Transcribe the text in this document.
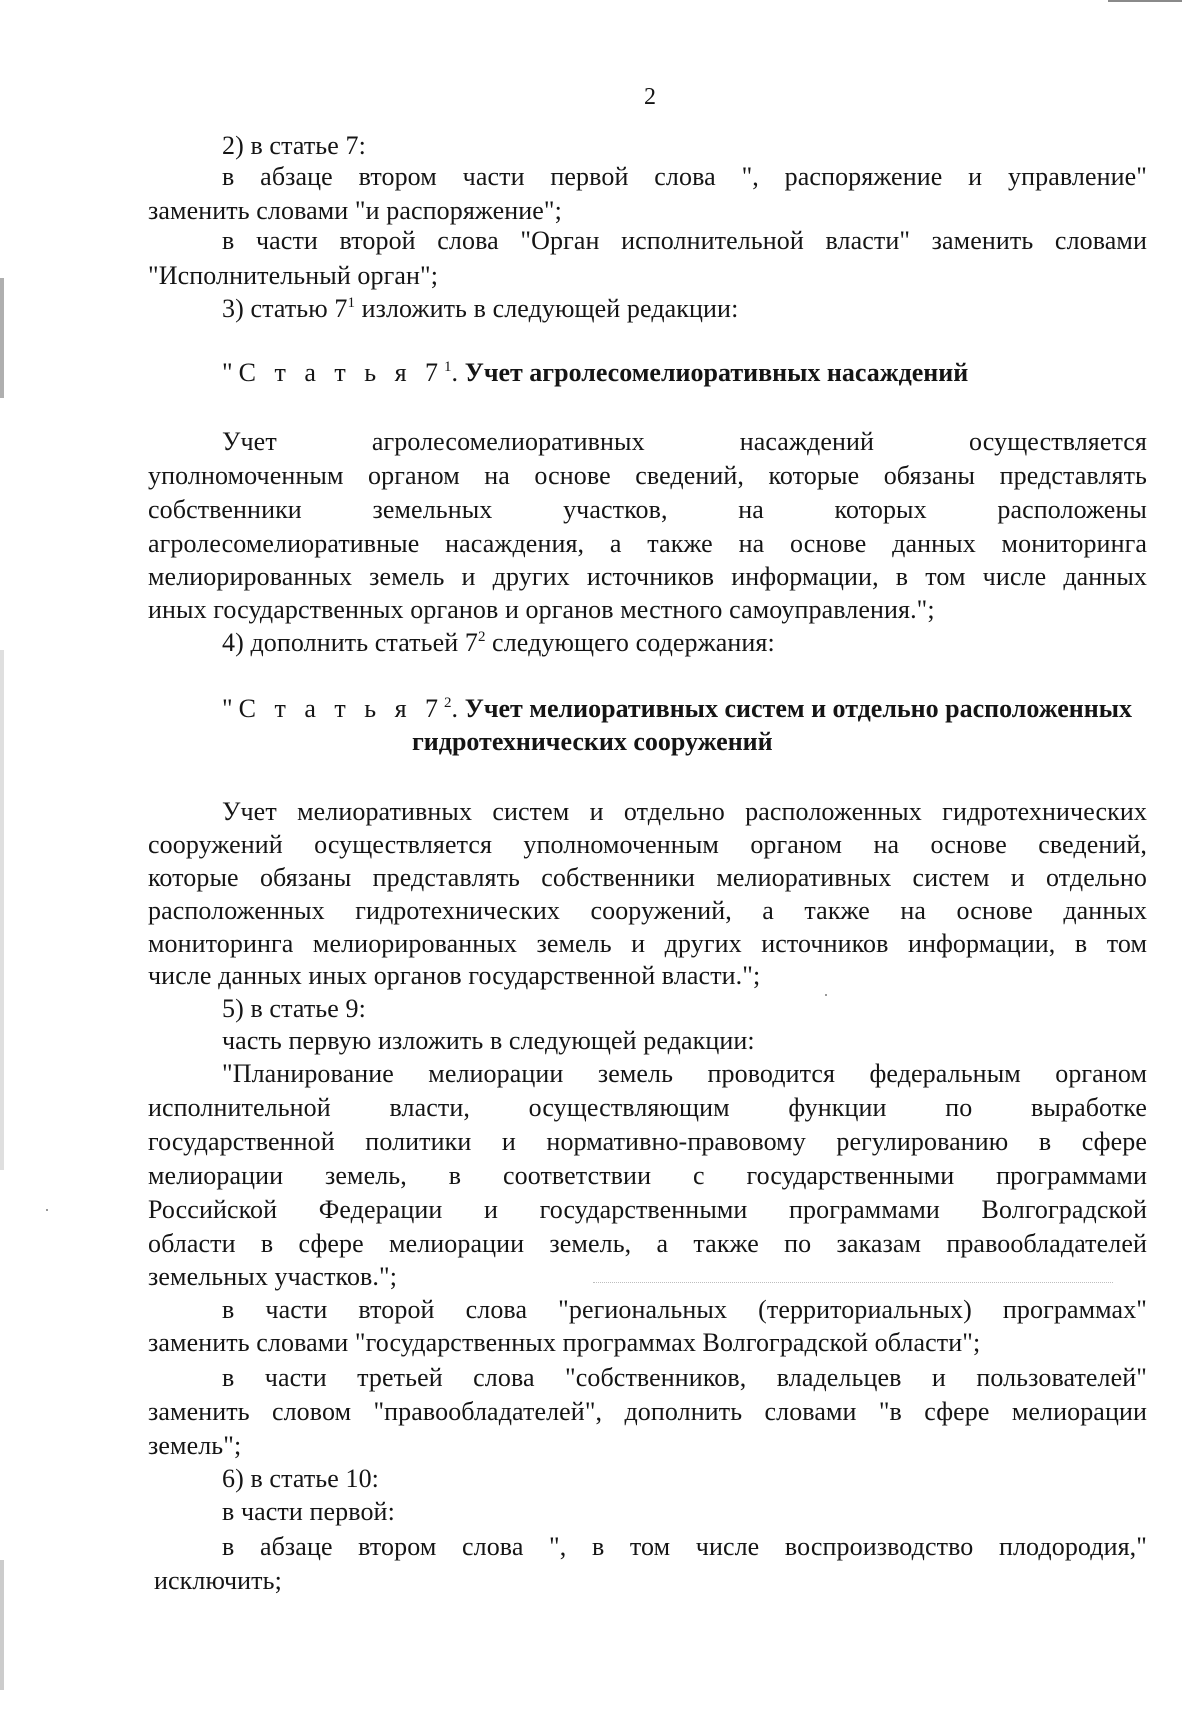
2
2) в статье 7:
в абзаце втором части первой слова ", распоряжение и управление"
заменить словами "и распоряжение";
в части второй слова "Орган исполнительной власти" заменить словами
"Исполнительный орган";
3) статью $7^1$ изложить в следующей редакции:
"С т а т ь я $7^1$. Учет агролесомелиоративных насаждений
Учет агролесомелиоративных насаждений осуществляется
уполномоченным органом на основе сведений, которые обязаны представлять
собственники земельных участков, на которых расположены
агролесомелиоративные насаждения, а также на основе данных мониторинга
мелиорированных земель и других источников информации, в том числе данных
иных государственных органов и органов местного самоуправления.";
4) дополнить статьей $7^2$ следующего содержания:
"С т а т ь я $7^2$. Учет мелиоративных систем и отдельно расположенных
гидротехнических сооружений
Учет мелиоративных систем и отдельно расположенных гидротехнических
сооружений осуществляется уполномоченным органом на основе сведений,
которые обязаны представлять собственники мелиоративных систем и отдельно
расположенных гидротехнических сооружений, а также на основе данных
мониторинга мелиорированных земель и других источников информации, в том
числе данных иных органов государственной власти.";
5) в статье 9:
часть первую изложить в следующей редакции:
"Планирование мелиорации земель проводится федеральным органом
исполнительной власти, осуществляющим функции по выработке
государственной политики и нормативно-правовому регулированию в сфере
мелиорации земель, в соответствии с государственными программами
Российской Федерации и государственными программами Волгоградской
области в сфере мелиорации земель, а также по заказам правообладателей
земельных участков.";
в части второй слова "региональных (территориальных) программах"
заменить словами "государственных программах Волгоградской области";
в части третьей слова "собственников, владельцев и пользователей"
заменить словом "правообладателей", дополнить словами "в сфере мелиорации
земель";
6) в статье 10:
в части первой:
в абзаце втором слова ", в том числе воспроизводство плодородия,"
исключить;
